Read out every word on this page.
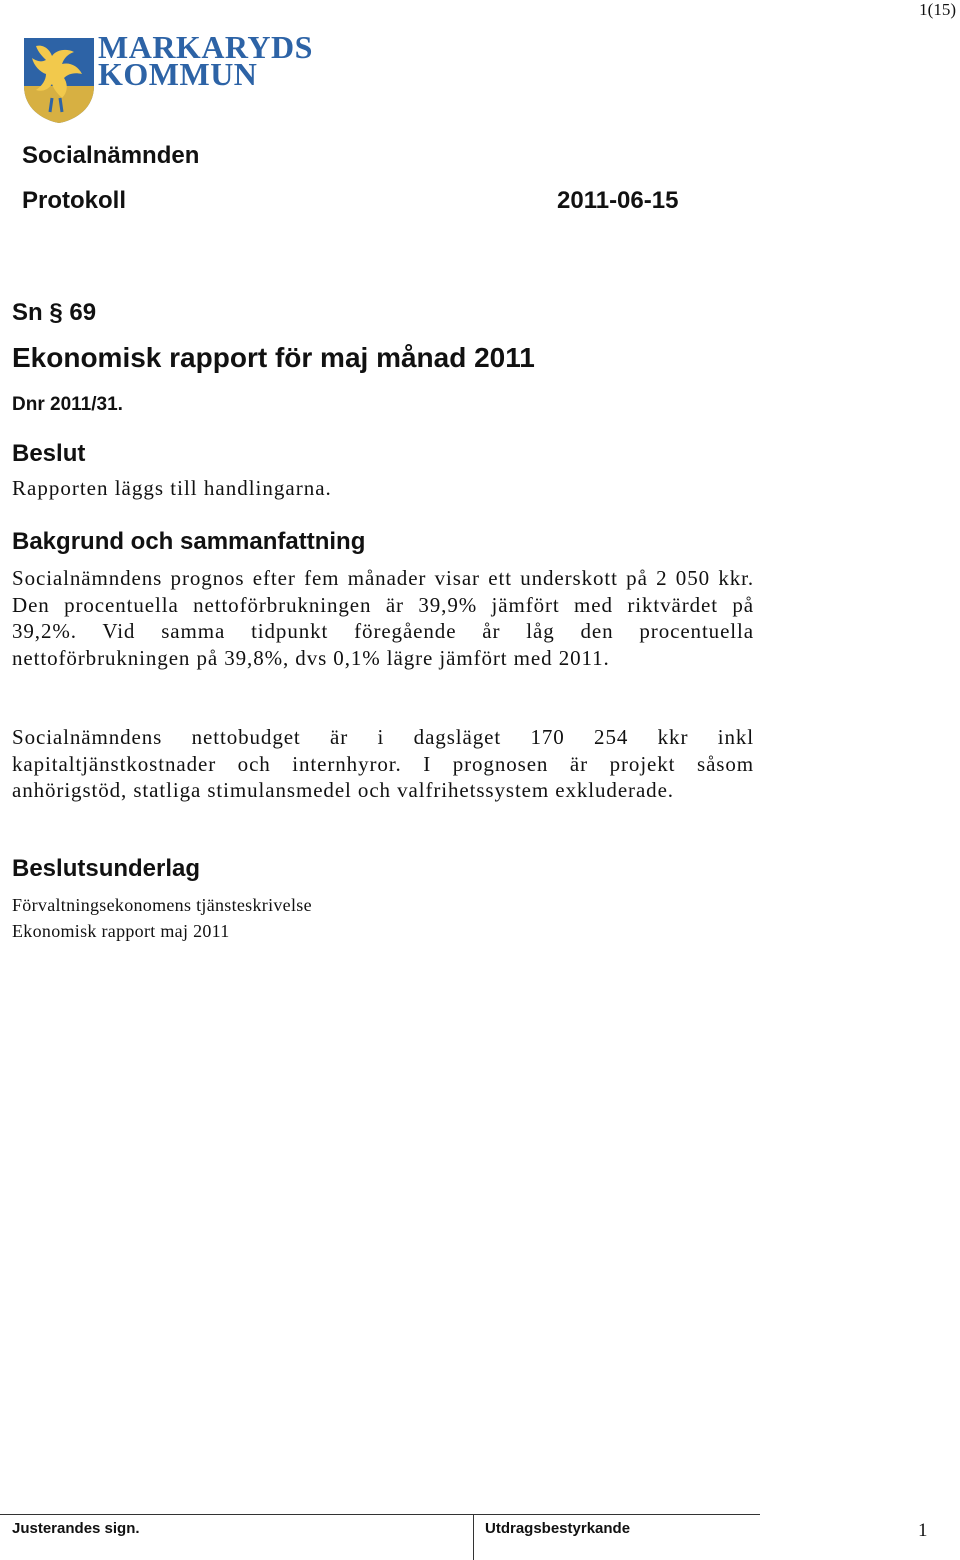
1(15)
MARKARYDS
KOMMUN
Socialnämnden
Protokoll	2011-06-15
Sn § 69
Ekonomisk rapport för maj månad 2011
Dnr 2011/31.
Beslut
Rapporten läggs till handlingarna.
Bakgrund och sammanfattning

Socialnämndens prognos efter fem månader visar ett underskott på 2 050 kkr. Den procentuella nettoförbrukningen är 39,9% jämfört med riktvärdet på 39,2%. Vid samma tidpunkt föregående år låg den procentuella nettoförbrukningen på 39,8%, dvs 0,1% lägre jämfört med 2011.

Socialnämndens nettobudget är i dagsläget 170 254 kkr inkl kapitaltjänstkostnader och internhyror. I prognosen är projekt såsom anhörigstöd, statliga stimulansmedel och valfrihetssystem exkluderade.

Beslutsunderlag
Förvaltningsekonomens tjänsteskrivelse
Ekonomisk rapport maj 2011
Justerandes sign.	Utdragsbestyrkande	1
